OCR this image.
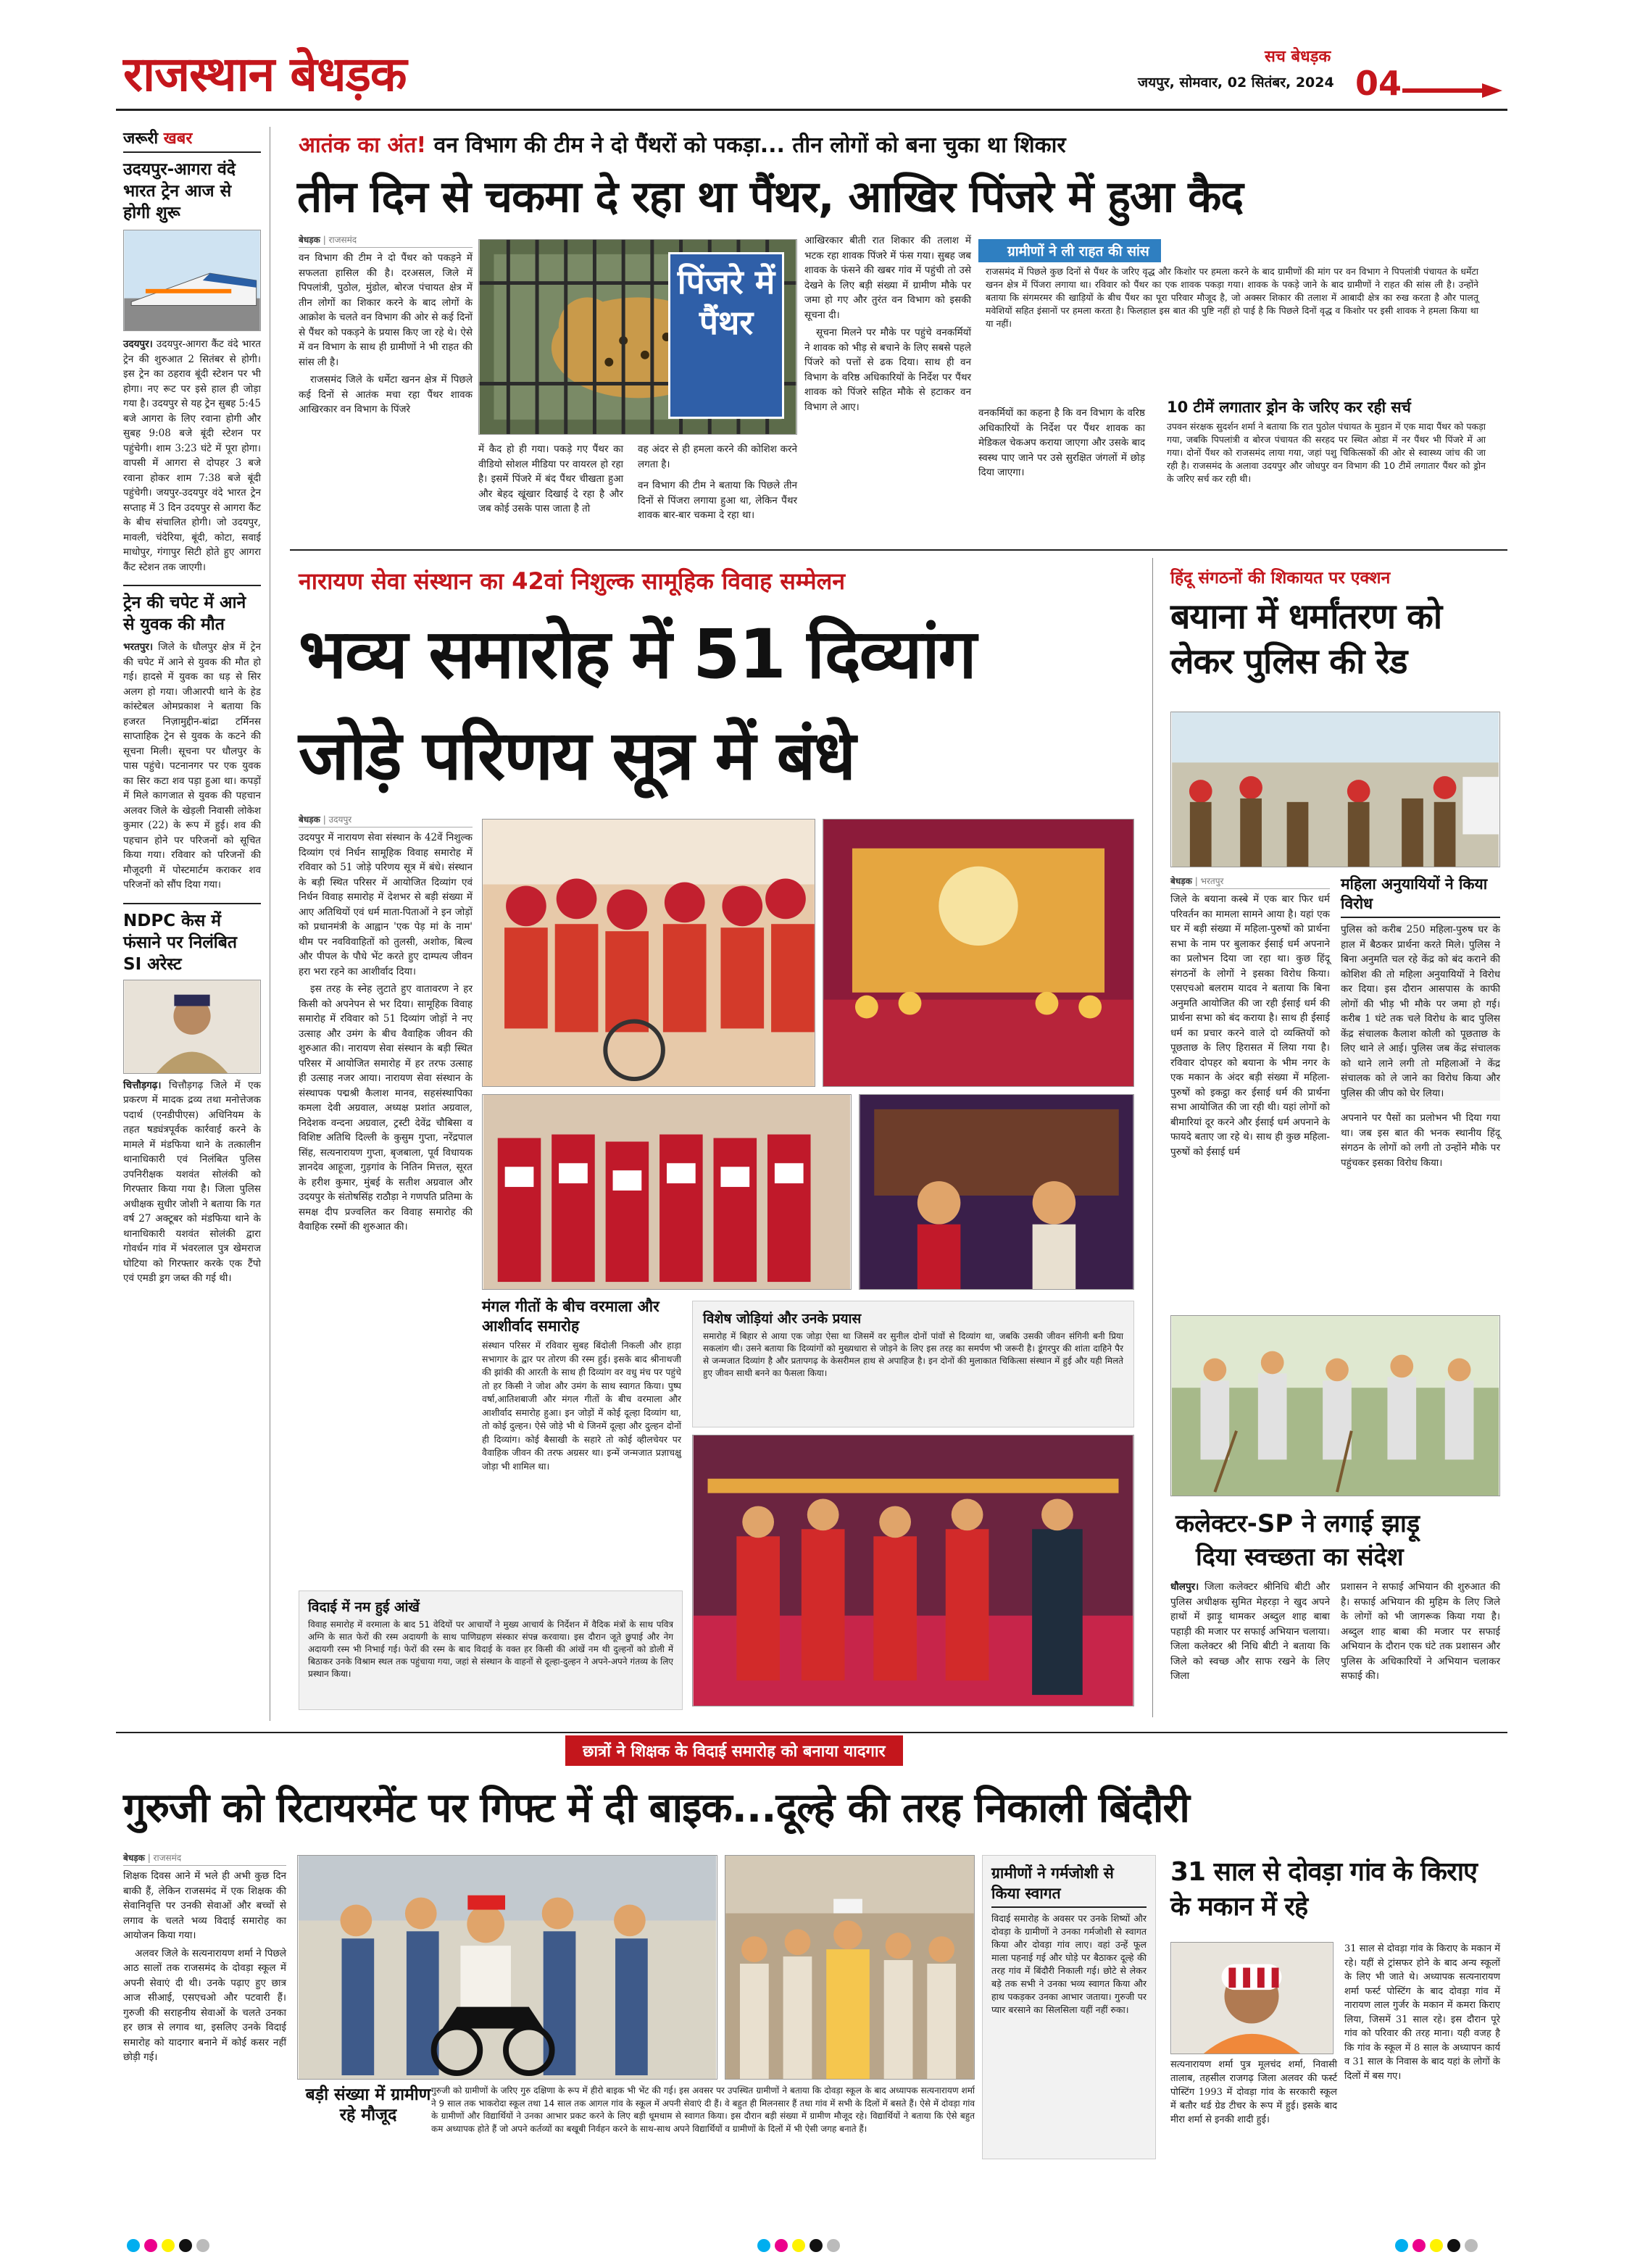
राजस्थान बेधड़क	सच बेधड़क
जयपुर, सोमवार, 02 सितंबर, 2024 04
जरूरी खबर
उदयपुर-आगरा वंदे भारत ट्रेन आज से होगी शुरू

उदयपुर। उदयपुर-आगरा कैंट वंदे भारत ट्रेन की शुरुआत 2 सितंबर से होगी। इस ट्रेन का ठहराव बूंदी स्टेशन पर भी होगा। नए रूट पर इसे हाल ही जोड़ा गया है। उदयपुर से यह ट्रेन सुबह 5:45 बजे आगरा के लिए रवाना होगी और सुबह 9:08 बजे बूंदी स्टेशन पर पहुंचेगी। शाम 3:23 घंटे में पूरा होगा। वापसी में आगरा से दोपहर 3 बजे रवाना होकर शाम 7:38 बजे बूंदी पहुंचेगी। जयपुर-उदयपुर वंदे भारत ट्रेन सप्ताह में 3 दिन उदयपुर से आगरा कैंट के बीच संचालित होगी। जो उदयपुर, मावली, चंदेरिया, बूंदी, कोटा, सवाई माधोपुर, गंगापुर सिटी होते हुए आगरा कैंट स्टेशन तक जाएगी।

ट्रेन की चपेट में आने से युवक की मौत

भरतपुर। जिले के धौलपुर क्षेत्र में ट्रेन की चपेट में आने से युवक की मौत हो गई। हादसे में युवक का धड़ से सिर अलग हो गया। जीआरपी थाने के हेड कांस्टेबल ओमप्रकाश ने बताया कि हजरत निज़ामुद्दीन-बांद्रा टर्मिनस साप्ताहिक ट्रेन से युवक के कटने की सूचना मिली। सूचना पर धौलपुर के पास पहुंचे। पटनानगर पर एक युवक का सिर कटा शव पड़ा हुआ था। कपड़ों में मिले कागजात से युवक की पहचान अलवर जिले के खेड़ली निवासी लोकेश कुमार (22) के रूप में हुई। शव की पहचान होने पर परिजनों को सूचित किया गया। रविवार को परिजनों की मौजूदगी में पोस्टमार्टम कराकर शव परिजनों को सौंप दिया गया।

NDPC केस में फंसाने पर निलंबित SI अरेस्ट

चित्तौड़गढ़। चित्तौड़गढ़ जिले में एक प्रकरण में मादक द्रव्य तथा मनोत्तेजक पदार्थ (एनडीपीएस) अधिनियम के तहत षड्यंत्रपूर्वक कार्रवाई करने के मामले में मंडफिया थाने के तत्कालीन थानाधिकारी एवं निलंबित पुलिस उपनिरीक्षक यशवंत सोलंकी को गिरफ्तार किया गया है। जिला पुलिस अधीक्षक सुधीर जोशी ने बताया कि गत वर्ष 27 अक्टूबर को मंडफिया थाने के थानाधिकारी यशवंत सोलंकी द्वारा गोवर्धन गांव में भंवरलाल पुत्र खेमराज घोटिया को गिरफ्तार करके एक टैंपो एवं एमडी ड्रग जब्त की गई थी।

आतंक का अंत! वन विभाग की टीम ने दो पैंथरों को पकड़ा... तीन लोगों को बना चुका था शिकार
तीन दिन से चकमा दे रहा था पैंथर, आखिर पिंजरे में हुआ कैद
बेधड़क | राजसमंद

वन विभाग की टीम ने दो पैंथर को पकड़ने में सफलता हासिल की है। दरअसल, जिले में पिपलांत्री, पुठोल, मुंडोल, बोरज पंचायत क्षेत्र में तीन लोगों का शिकार करने के बाद लोगों के आक्रोश के चलते वन विभाग की ओर से कई दिनों से पैंथर को पकड़ने के प्रयास किए जा रहे थे। ऐसे में वन विभाग के साथ ही ग्रामीणों ने भी राहत की सांस ली है।

राजसमंद जिले के धर्मेटा खनन क्षेत्र में पिछले कई दिनों से आतंक मचा रहा पैंथर शावक आखिरकार वन विभाग के पिंजरे

पिंजरे में पैंथर

में कैद हो ही गया। पकड़े गए पैंथर का वीडियो सोशल मीडिया पर वायरल हो रहा है। इसमें पिंजरे में बंद पैंथर चीखता हुआ और बेहद खूंखार दिखाई दे रहा है और जब कोई उसके पास जाता है तो

वह अंदर से ही हमला करने की कोशिश करने लगता है।

आखिरकार बीती रात शिकार की तलाश में भटक रहा शावक पिंजरे में फंस गया। सुबह जब शावक के फंसने की खबर गांव में पहुंची तो उसे देखने के लिए बड़ी संख्या में ग्रामीण मौके पर जमा हो गए और तुरंत वन विभाग को इसकी सूचना दी।

सूचना मिलने पर मौके पर पहुंचे वनकर्मियों ने शावक को भीड़ से बचाने के लिए सबसे पहले पिंजरे को पत्तों से ढक दिया। साथ ही वन विभाग के वरिष्ठ अधिकारियों के निर्देश पर पैंथर शावक को पिंजरे सहित मौके से हटाकर वन विभाग ले आए।

वन विभाग की टीम ने बताया कि पिछले तीन दिनों से पिंजरा लगाया हुआ था, लेकिन पैंथर शावक बार-बार चकमा दे रहा था।

ग्रामीणों ने ली राहत की सांस

राजसमंद में पिछले कुछ दिनों से पैंथर के जरिए वृद्ध और किशोर पर हमला करने के बाद ग्रामीणों की मांग पर वन विभाग ने पिपलांत्री पंचायत के धर्मेटा खनन क्षेत्र में पिंजरा लगाया था। रविवार को पैंथर का एक शावक पकड़ा गया। शावक के पकड़े जाने के बाद ग्रामीणों ने राहत की सांस ली है। उन्होंने बताया कि संगमरमर की खाड़ियों के बीच पैंथर का पूरा परिवार मौजूद है, जो अक्सर शिकार की तलाश में आबादी क्षेत्र का रुख करता है और पालतू मवेशियों सहित इंसानों पर हमला करता है। फिलहाल इस बात की पुष्टि नहीं हो पाई है कि पिछले दिनों वृद्ध व किशोर पर इसी शावक ने हमला किया था या नहीं।

वनकर्मियों का कहना है कि वन विभाग के वरिष्ठ अधिकारियों के निर्देश पर पैंथर शावक का मेडिकल चेकअप कराया जाएगा और उसके बाद स्वस्थ पाए जाने पर उसे सुरक्षित जंगलों में छोड़ दिया जाएगा।

10 टीमें लगातार ड्रोन के जरिए कर रही सर्च

उपवन संरक्षक सुदर्शन शर्मा ने बताया कि रात पुठोल पंचायत के मुडान में एक मादा पैंथर को पकड़ा गया, जबकि पिपलांत्री व बोरज पंचायत की सरहद पर स्थित ओडा में नर पैंथर भी पिंजरे में आ गया। दोनों पैंथर को राजसमंद लाया गया, जहां पशु चिकित्सकों की ओर से स्वास्थ्य जांच की जा रही है। राजसमंद के अलावा उदयपुर और जोधपुर वन विभाग की 10 टीमें लगातार पैंथर को ड्रोन के जरिए सर्च कर रही थी।

नारायण सेवा संस्थान का 42वां निशुल्क सामूहिक विवाह सम्मेलन
भव्य समारोह में 51 दिव्यांग
जोड़े परिणय सूत्र में बंधे
बेधड़क | उदयपुर

उदयपुर में नारायण सेवा संस्थान के 42वें निशुल्क दिव्यांग एवं निर्धन सामूहिक विवाह समारोह में रविवार को 51 जोड़े परिणय सूत्र में बंधे। संस्थान के बड़ी स्थित परिसर में आयोजित दिव्यांग एवं निर्धन विवाह समारोह में देशभर से बड़ी संख्या में आए अतिथियों एवं धर्म माता-पिताओं ने इन जोड़ों को प्रधानमंत्री के आह्वान 'एक पेड़ मां के नाम' थीम पर नवविवाहितों को तुलसी, अशोक, बिल्व और पीपल के पौधे भेंट करते हुए दाम्पत्य जीवन हरा भरा रहने का आशीर्वाद दिया।

इस तरह के स्नेह लुटाते हुए वातावरण ने हर किसी को अपनेपन से भर दिया। सामूहिक विवाह समारोह में रविवार को 51 दिव्यांग जोड़ों ने नए उत्साह और उमंग के बीच वैवाहिक जीवन की शुरुआत की। नारायण सेवा संस्थान के बड़ी स्थित परिसर में आयोजित समारोह में हर तरफ उत्साह ही उत्साह नजर आया। नारायण सेवा संस्थान के संस्थापक पद्मश्री कैलाश मानव, सहसंस्थापिका कमला देवी अग्रवाल, अध्यक्ष प्रशांत अग्रवाल, निदेशक वन्दना अग्रवाल, ट्रस्टी देवेंद्र चौबिसा व विशिष्ट अतिथि दिल्ली के कुसुम गुप्ता, नरेंद्रपाल सिंह, सत्यनारायण गुप्ता, बृजबाला, पूर्व विधायक ज्ञानदेव आहूजा, गुड़गांव के नितिन मित्तल, सूरत के हरीश कुमार, मुंबई के सतीश अग्रवाल और उदयपुर के संतोषसिंह राठौड़ा ने गणपति प्रतिमा के समक्ष दीप प्रज्वलित कर विवाह समारोह की वैवाहिक रस्मों की शुरुआत की।

मंगल गीतों के बीच वरमाला और आशीर्वाद समारोह

संस्थान परिसर में रविवार सुबह बिंदोली निकली और हाड़ा सभागार के द्वार पर तोरण की रस्म हुई। इसके बाद श्रीनाथजी की झांकी की आरती के साथ ही दिव्यांग वर वधु मंच पर पहुंचे तो हर किसी ने जोश और उमंग के साथ स्वागत किया। पुष्प वर्षा,आतिशबाजी और मंगल गीतों के बीच वरमाला और आशीर्वाद समारोह हुआ। इन जोड़ों में कोई दूल्हा दिव्यांग था, तो कोई दुल्हन। ऐसे जोड़े भी थे जिनमें दूल्हा और दुल्हन दोनों ही दिव्यांग। कोई बैसाखी के सहारे तो कोई व्हीलचेयर पर वैवाहिक जीवन की तरफ अग्रसर था। इन्में जन्मजात प्रज्ञाचक्षु जोड़ा भी शामिल था।

विशेष जोड़ियां और उनके प्रयास

समारोह में बिहार से आया एक जोड़ा ऐसा था जिसमें वर सुनील दोनों पांवों से दिव्यांग था, जबकि उसकी जीवन संगिनी बनी प्रिया सकलांग थी। उसने बताया कि दिव्यांगों को मुख्यधारा से जोड़ने के लिए इस तरह का समर्पण भी जरूरी है। डूंगरपुर की शांता दाहिने पैर से जन्मजात दिव्यांग है और प्रतापगढ़ के केसरीमल हाथ से अपाहिज है। इन दोनों की मुलाकात चिकित्सा संस्थान में हुई और यही मिलते हुए जीवन साथी बनने का फैसला किया।

विदाई में नम हुई आंखें

विवाह समारोह में वरमाला के बाद 51 वेदियों पर आचार्यों ने मुख्य आचार्य के निर्देशन में वैदिक मंत्रों के साथ पवित्र अग्नि के सात फेरों की रस्म अदायगी के साथ पाणिग्रहण संस्कार संपन्न करवाया। इस दौरान जूते छुपाई और नेग अदायगी रस्म भी निभाई गई। फेरों की रस्म के बाद विदाई के वक्त हर किसी की आंखें नम थी दुल्हनों को डोली में बिठाकर उनके विश्राम स्थल तक पहुंचाया गया, जहां से संस्थान के वाहनों से दूल्हा-दुल्हन ने अपने-अपने गंतव्य के लिए प्रस्थान किया।

हिंदू संगठनों की शिकायत पर एक्शन
बयाना में धर्मांतरण को लेकर पुलिस की रेड
बेधड़क | भरतपुर

जिले के बयाना कस्बे में एक बार फिर धर्म परिवर्तन का मामला सामने आया है। यहां एक घर में बड़ी संख्या में महिला-पुरुषों को प्रार्थना सभा के नाम पर बुलाकर ईसाई धर्म अपनाने का प्रलोभन दिया जा रहा था। कुछ हिंदू संगठनों के लोगों ने इसका विरोध किया। एसएचओ बलराम यादव ने बताया कि बिना अनुमति आयोजित की जा रही ईसाई धर्म की प्रार्थना सभा को बंद कराया है। साथ ही ईसाई धर्म का प्रचार करने वाले दो व्यक्तियों को पूछताछ के लिए हिरासत में लिया गया है। रविवार दोपहर को बयाना के भीम नगर के एक मकान के अंदर बड़ी संख्या में महिला-पुरुषों को इकट्ठा कर ईसाई धर्म की प्रार्थना सभा आयोजित की जा रही थी। यहां लोगों को बीमारियां दूर करने और ईसाई धर्म अपनाने के फायदे बताए जा रहे थे। साथ ही कुछ महिला-पुरुषों को ईसाई धर्म

महिला अनुयायियों ने किया विरोध

पुलिस को करीब 250 महिला-पुरुष घर के हाल में बैठकर प्रार्थना करते मिले। पुलिस ने बिना अनुमति चल रहे केंद्र को बंद कराने की कोशिश की तो महिला अनुयायियों ने विरोध कर दिया। इस दौरान आसपास के काफी लोगों की भीड़ भी मौके पर जमा हो गई। करीब 1 घंटे तक चले विरोध के बाद पुलिस केंद्र संचालक कैलाश कोली को पूछताछ के लिए थाने ले आई। पुलिस जब केंद्र संचालक को थाने लाने लगी तो महिलाओं ने केंद्र संचालक को ले जाने का विरोध किया और पुलिस की जीप को घेर लिया।

अपनाने पर पैसों का प्रलोभन भी दिया गया था। जब इस बात की भनक स्थानीय हिंदू संगठन के लोगों को लगी तो उन्होंने मौके पर पहुंचकर इसका विरोध किया।

कलेक्टर-SP ने लगाई झाड़ू
दिया स्वच्छता का संदेश

धौलपुर। जिला कलेक्टर श्रीनिधि बीटी और पुलिस अधीक्षक सुमित मेहरड़ा ने खुद अपने हाथों में झाड़ू थामकर अब्दुल शाह बाबा पहाड़ी की मजार पर सफाई अभियान चलाया। जिला कलेक्टर श्री निधि बीटी ने बताया कि जिले को स्वच्छ और साफ रखने के लिए जिला

प्रशासन ने सफाई अभियान की शुरुआत की है। सफाई अभियान की मुहिम के लिए जिले के लोगों को भी जागरूक किया गया है। अब्दुल शाह बाबा की मजार पर सफाई अभियान के दौरान एक घंटे तक प्रशासन और पुलिस के अधिकारियों ने अभियान चलाकर सफाई की।

छात्रों ने शिक्षक के विदाई समारोह को बनाया यादगार
गुरुजी को रिटायरमेंट पर गिफ्ट में दी बाइक...दूल्हे की तरह निकाली बिंदौरी
बेधड़क | राजसमंद

शिक्षक दिवस आने में भले ही अभी कुछ दिन बाकी हैं, लेकिन राजसमंद में एक शिक्षक की सेवानिवृत्ति पर उनकी सेवाओं और बच्चों से लगाव के चलते भव्य विदाई समारोह का आयोजन किया गया।

अलवर जिले के सत्यनारायण शर्मा ने पिछले आठ सालों तक राजसमंद के दोवड़ा स्कूल में अपनी सेवाएं दी थी। उनके पढ़ाए हुए छात्र आज सीआई, एसएचओ और पटवारी हैं। गुरुजी की सराहनीय सेवाओं के चलते उनका हर छात्र से लगाव था, इसलिए उनके विदाई समारोह को यादगार बनाने में कोई कसर नहीं छोड़ी गई।

बड़ी संख्या में ग्रामीण रहे मौजूद

गुरुजी को ग्रामीणों के जरिए गुरु दक्षिणा के रूप में हीरो बाइक भी भेंट की गई। इस अवसर पर उपस्थित ग्रामीणों ने बताया कि दोवड़ा स्कूल के बाद अध्यापक सत्यनारायण शर्मा ने 9 साल तक भाकरोदा स्कूल तथा 14 साल तक आगल गांव के स्कूल में अपनी सेवाएं दी हैं। वे बहुत ही मिलनसार हैं तथा गांव में सभी के दिलों में बसते हैं। ऐसे में दोवड़ा गांव के ग्रामीणों और विद्यार्थियों ने उनका आभार प्रकट करने के लिए बड़ी धूमधाम से स्वागत किया। इस दौरान बड़ी संख्या में ग्रामीण मौजूद रहे। विद्यार्थियों ने बताया कि ऐसे बहुत कम अध्यापक होते हैं जो अपने कर्तव्यों का बखूबी निर्वहन करने के साथ-साथ अपने विद्यार्थियों व ग्रामीणों के दिलों में भी ऐसी जगह बनाते हैं।

ग्रामीणों ने गर्मजोशी से किया स्वागत

विदाई समारोह के अवसर पर उनके शिष्यों और दोवड़ा के ग्रामीणों ने उनका गर्मजोशी से स्वागत किया और दोवड़ा गांव लाए। वहां उन्हें फूल माला पहनाई गई और घोड़े पर बैठाकर दूल्हे की तरह गांव में बिंदौरी निकाली गई। छोटे से लेकर बड़े तक सभी ने उनका भव्य स्वागत किया और हाथ पकड़कर उनका आभार जताया। गुरुजी पर प्यार बरसाने का सिलसिला यहीं नहीं रुका।

31 साल से दोवड़ा गांव के किराए के मकान में रहे

सत्यनारायण शर्मा पुत्र मूलचंद शर्मा, निवासी तालाब, तहसील राजगढ़ जिला अलवर की फर्स्ट पोस्टिंग 1993 में दोवड़ा गांव के सरकारी स्कूल में बतौर थर्ड ग्रेड टीचर के रूप में हुई। इसके बाद मीरा शर्मा से इनकी शादी हुई।

31 साल से दोवड़ा गांव के किराए के मकान में रहे। यहीं से ट्रांसफर होने के बाद अन्य स्कूलों के लिए भी जाते थे। अध्यापक सत्यनारायण शर्मा फर्स्ट पोस्टिंग के बाद दोवड़ा गांव में नारायण लाल गुर्जर के मकान में कमरा किराए लिया, जिसमें 31 साल रहे। इस दौरान पूरे गांव को परिवार की तरह माना। यही वजह है कि गांव के स्कूल में 8 साल के अध्यापन कार्य व 31 साल के निवास के बाद यहां के लोगों के दिलों में बस गए।
